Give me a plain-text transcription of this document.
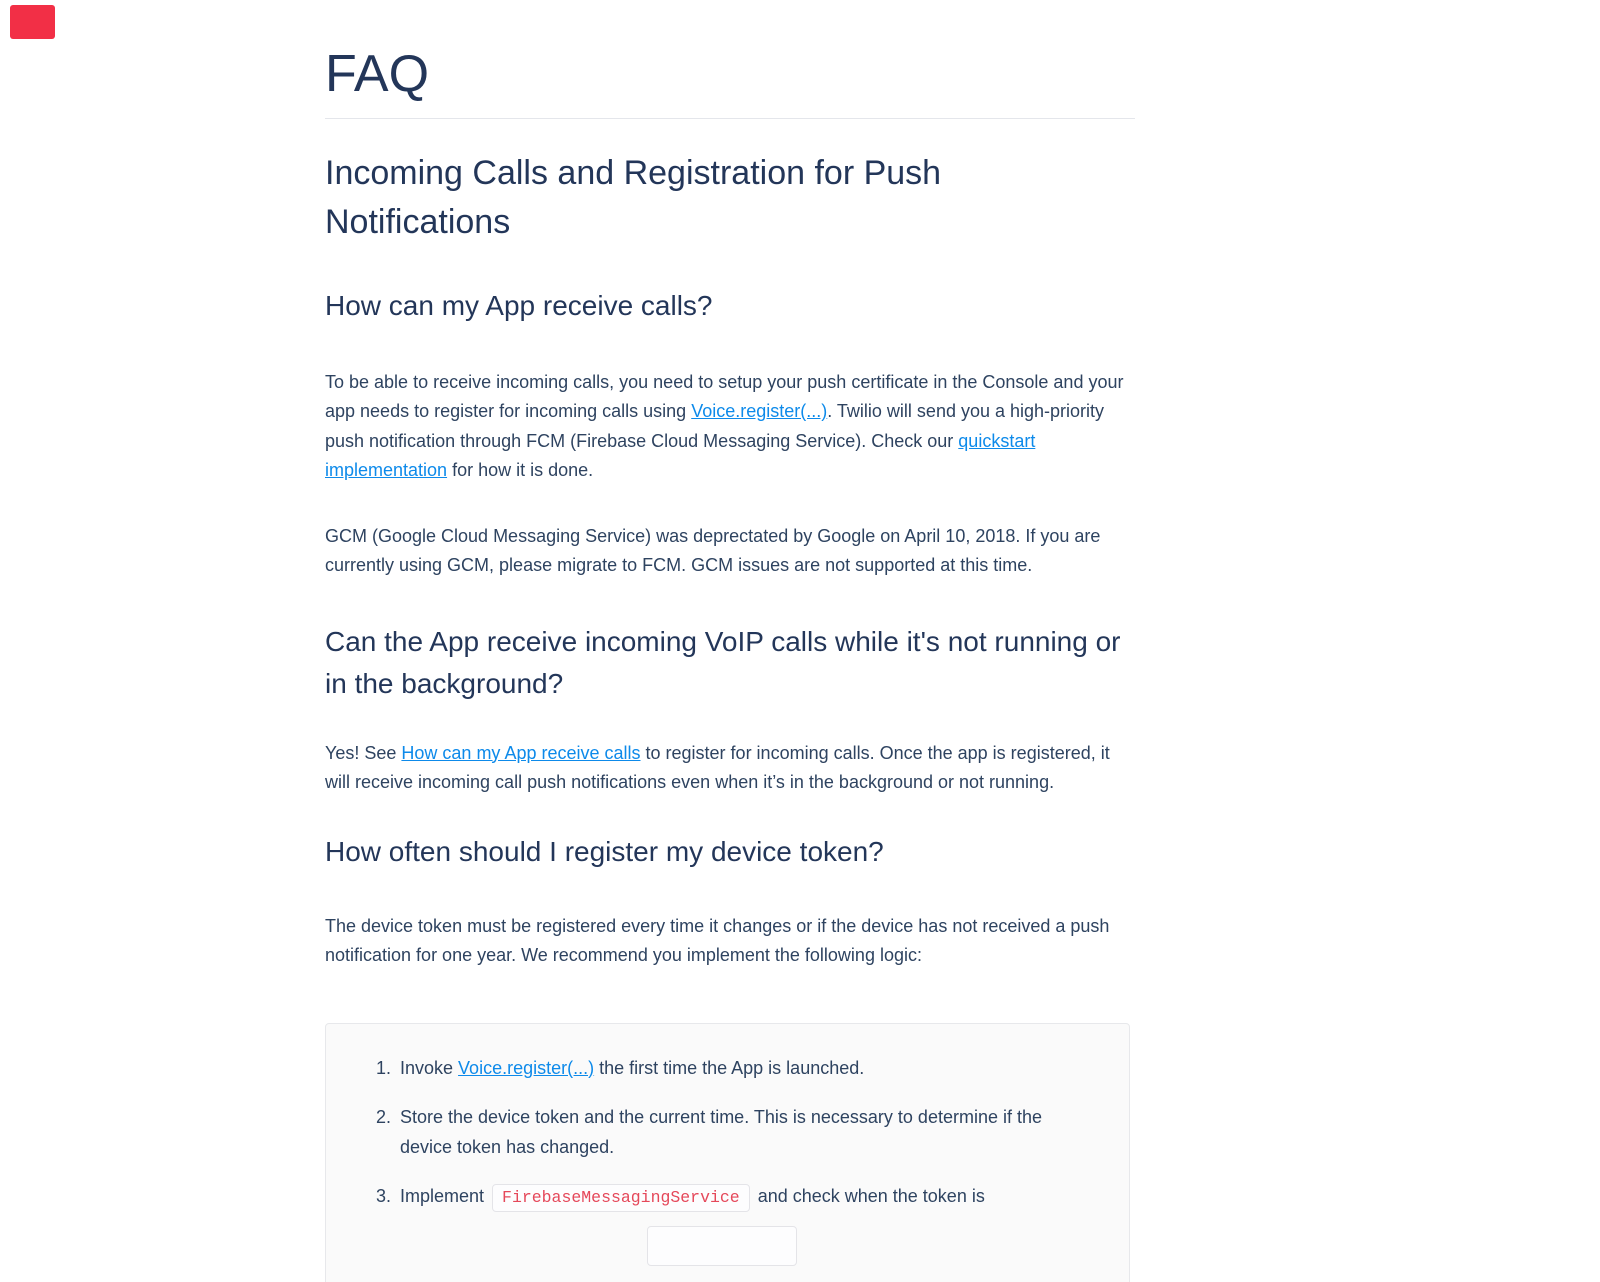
FAQ
Incoming Calls and Registration for Push Notifications
How can my App receive calls?

To be able to receive incoming calls, you need to setup your push certificate in the Console and your app needs to register for incoming calls using Voice.register(...). Twilio will send you a high-priority push notification through FCM (Firebase Cloud Messaging Service). Check our quickstart implementation for how it is done.

GCM (Google Cloud Messaging Service) was deprectated by Google on April 10, 2018. If you are currently using GCM, please migrate to FCM. GCM issues are not supported at this time.

Can the App receive incoming VoIP calls while it's not running or in the background?

Yes! See How can my App receive calls to register for incoming calls. Once the app is registered, it will receive incoming call push notifications even when it’s in the background or not running.

How often should I register my device token?

The device token must be registered every time it changes or if the device has not received a push notification for one year. We recommend you implement the following logic:

1. Invoke Voice.register(...) the first time the App is launched.
2. Store the device token and the current time. This is necessary to determine if the device token has changed.
3. Implement FirebaseMessagingService and check when the token is
